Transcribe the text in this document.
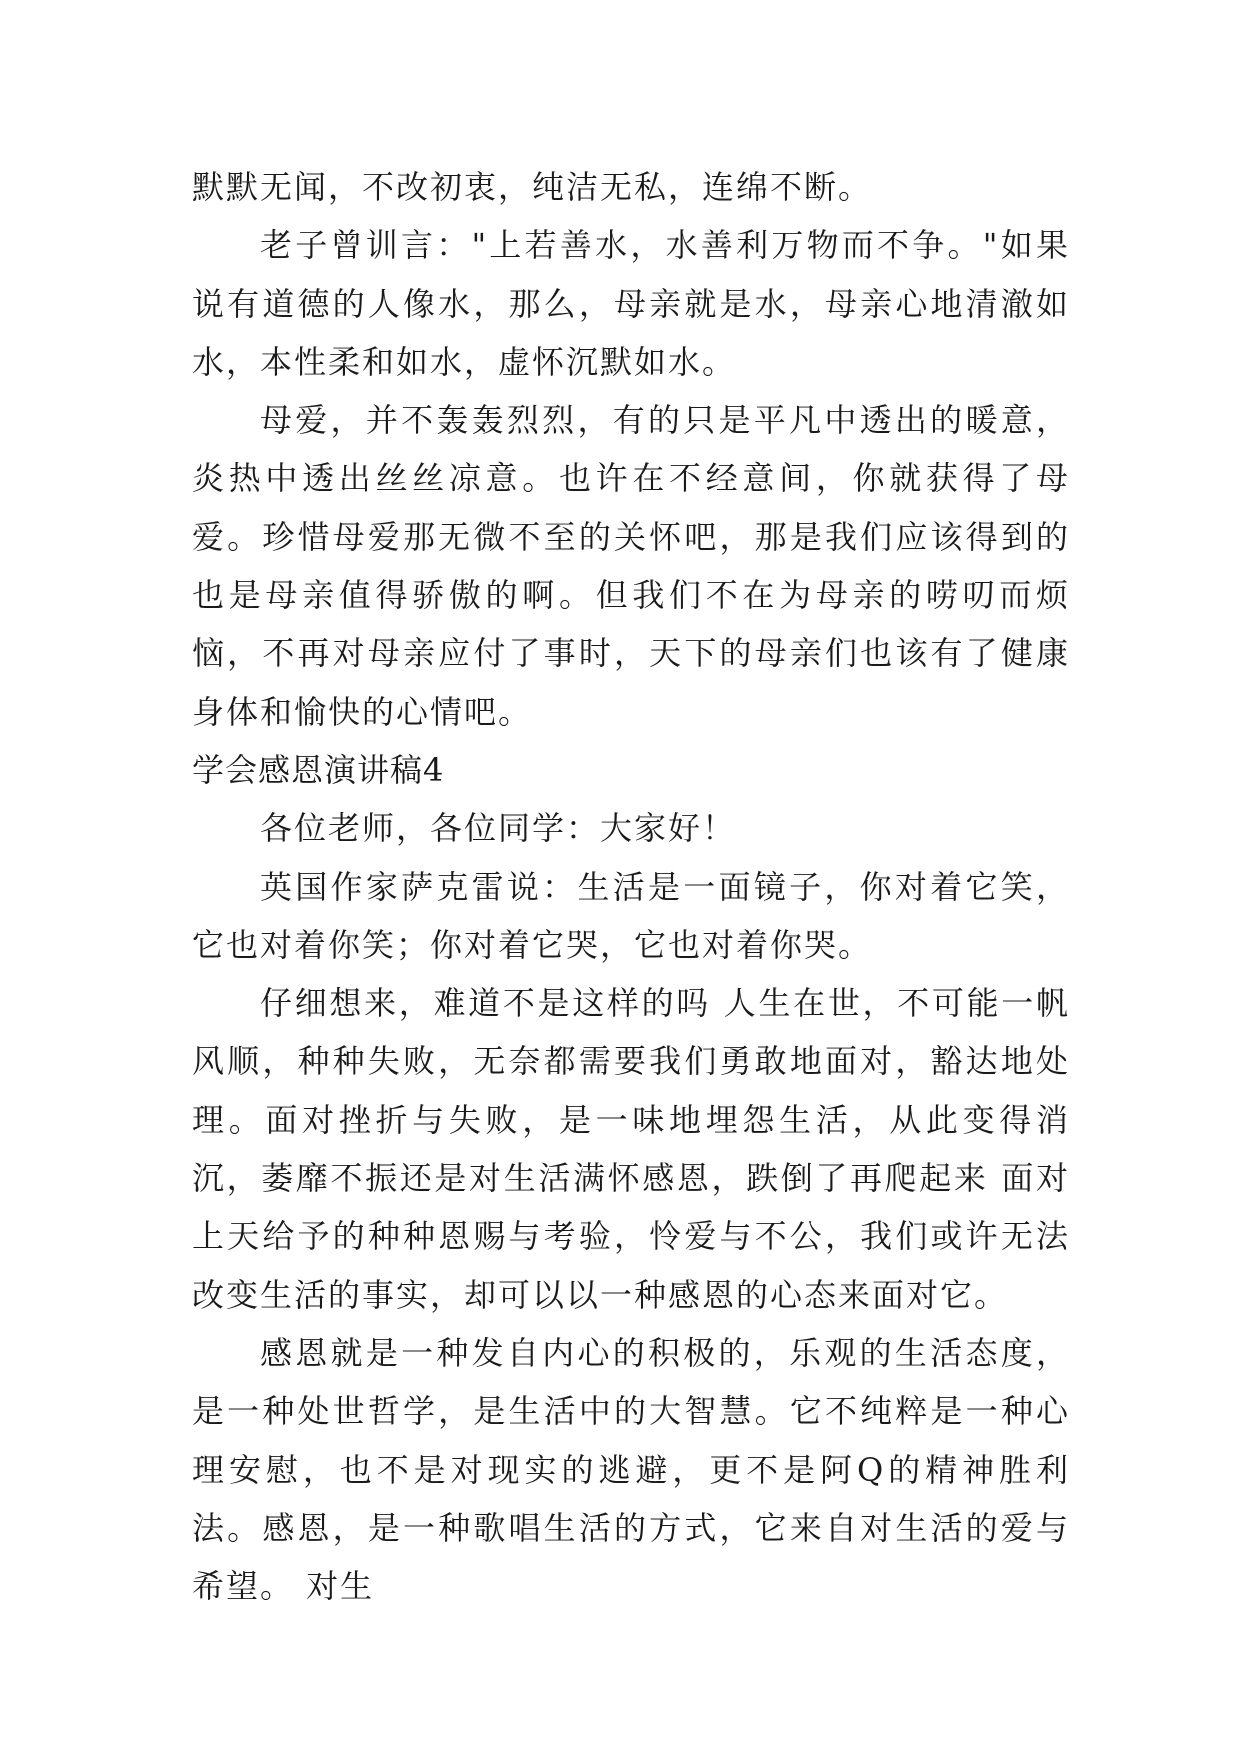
默默无闻，不改初衷，纯洁无私，连绵不断。

老子曾训言："上若善水，水善利万物而不争。"如果说有道德的人像水，那么，母亲就是水，母亲心地清澈如水，本性柔和如水，虚怀沉默如水。

母爱，并不轰轰烈烈，有的只是平凡中透出的暖意，炎热中透出丝丝凉意。也许在不经意间，你就获得了母爱。珍惜母爱那无微不至的关怀吧，那是我们应该得到的也是母亲值得骄傲的啊。但我们不在为母亲的唠叨而烦恼，不再对母亲应付了事时，天下的母亲们也该有了健康身体和愉快的心情吧。

学会感恩演讲稿4

各位老师，各位同学：大家好！

英国作家萨克雷说：生活是一面镜子，你对着它笑，它也对着你笑；你对着它哭，它也对着你哭。

仔细想来，难道不是这样的吗 人生在世，不可能一帆风顺，种种失败，无奈都需要我们勇敢地面对，豁达地处理。面对挫折与失败，是一味地埋怨生活，从此变得消沉，萎靡不振还是对生活满怀感恩，跌倒了再爬起来 面对上天给予的种种恩赐与考验，怜爱与不公，我们或许无法改变生活的事实，却可以以一种感恩的心态来面对它。

感恩就是一种发自内心的积极的，乐观的生活态度，是一种处世哲学，是生活中的大智慧。它不纯粹是一种心理安慰，也不是对现实的逃避，更不是阿Q的精神胜利法。感恩，是一种歌唱生活的方式，它来自对生活的爱与希望。 对生
